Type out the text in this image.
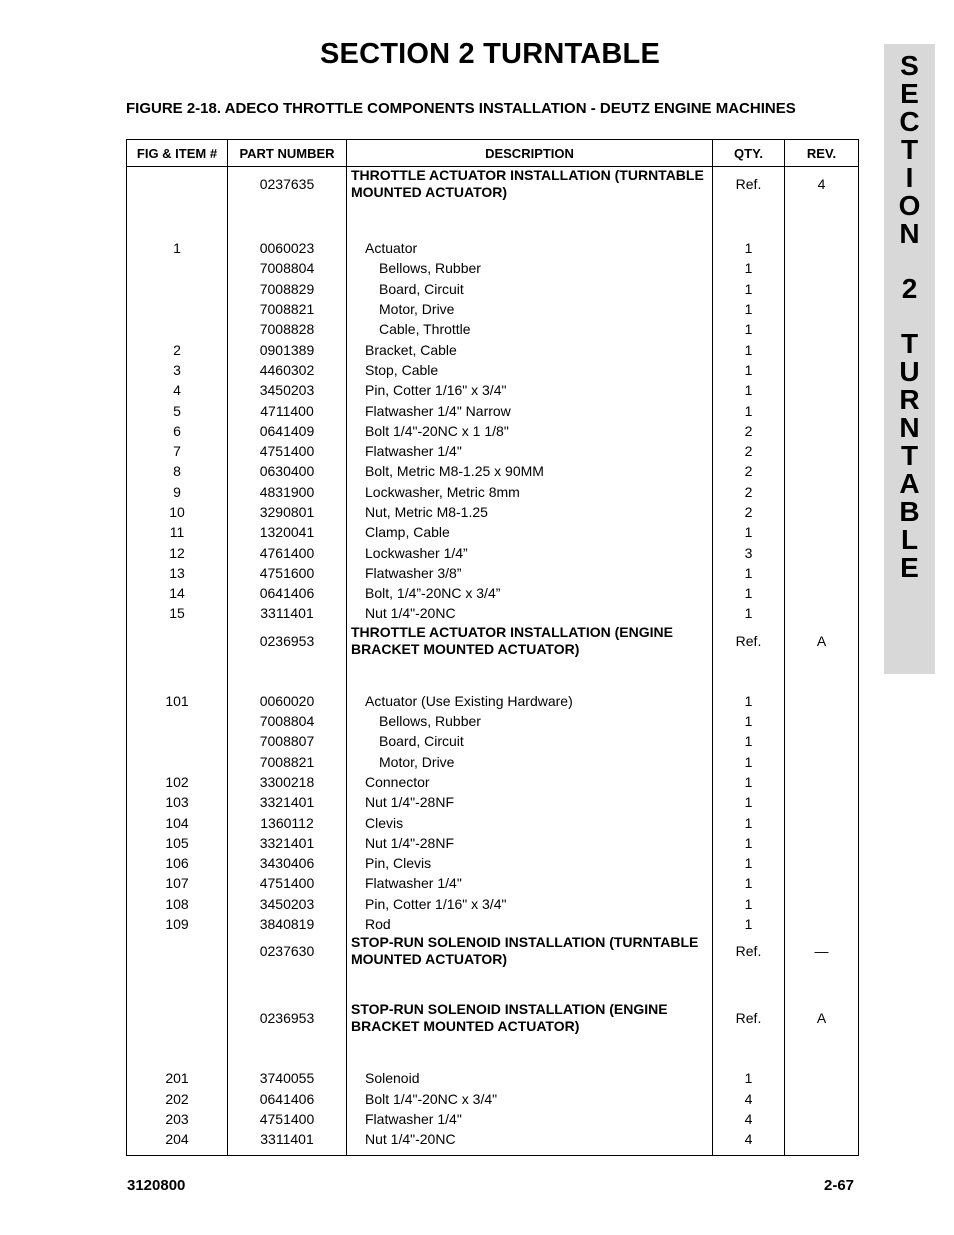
SECTION 2 TURNTABLE
FIGURE 2-18. ADECO THROTTLE COMPONENTS INSTALLATION - DEUTZ ENGINE MACHINES
S
E
C
T
I
O
N
2
T
U
R
N
T
A
B
L
E
FIG & ITEM #	PART NUMBER	DESCRIPTION	QTY.	REV.
	0237635	THROTTLE ACTUATOR INSTALLATION (TURNTABLE MOUNTED ACTUATOR)	Ref.	4
1	0060023	Actuator	1	
	7008804	Bellows, Rubber	1	
	7008829	Board, Circuit	1	
	7008821	Motor, Drive	1	
	7008828	Cable, Throttle	1	
2	0901389	Bracket, Cable	1	
3	4460302	Stop, Cable	1	
4	3450203	Pin, Cotter 1/16" x 3/4"	1	
5	4711400	Flatwasher 1/4" Narrow	1	
6	0641409	Bolt 1/4"-20NC x 1 1/8"	2	
7	4751400	Flatwasher 1/4"	2	
8	0630400	Bolt, Metric M8-1.25 x 90MM	2	
9	4831900	Lockwasher, Metric 8mm	2	
10	3290801	Nut, Metric M8-1.25	2	
11	1320041	Clamp, Cable	1	
12	4761400	Lockwasher 1/4”	3	
13	4751600	Flatwasher 3/8”	1	
14	0641406	Bolt, 1/4”-20NC x 3/4”	1	
15	3311401	Nut 1/4"-20NC	1	
	0236953	THROTTLE ACTUATOR INSTALLATION (ENGINE BRACKET MOUNTED ACTUATOR)	Ref.	A
101	0060020	Actuator (Use Existing Hardware)	1	
	7008804	Bellows, Rubber	1	
	7008807	Board, Circuit	1	
	7008821	Motor, Drive	1	
102	3300218	Connector	1	
103	3321401	Nut 1/4"-28NF	1	
104	1360112	Clevis	1	
105	3321401	Nut 1/4"-28NF	1	
106	3430406	Pin, Clevis	1	
107	4751400	Flatwasher 1/4"	1	
108	3450203	Pin, Cotter 1/16" x 3/4"	1	
109	3840819	Rod	1	
	0237630	STOP-RUN SOLENOID INSTALLATION (TURNTABLE MOUNTED ACTUATOR)	Ref.	—
	0236953	STOP-RUN SOLENOID INSTALLATION (ENGINE BRACKET MOUNTED ACTUATOR)	Ref.	A
201	3740055	Solenoid	1	
202	0641406	Bolt 1/4"-20NC x 3/4"	4	
203	4751400	Flatwasher 1/4"	4	
204	3311401	Nut 1/4"-20NC	4	
3120800	2-67
